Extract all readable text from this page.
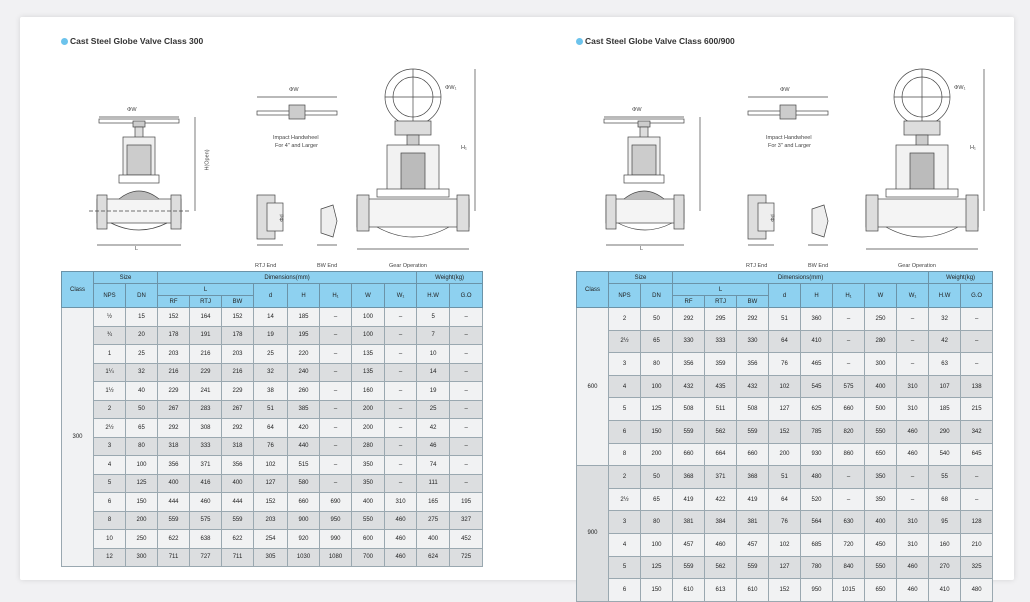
Cast Steel Globe Valve Class 300
ΦW
H(Open)
L
ΦW
Impact Handwheel
For 4" and Larger
Φd
RTJ End	BW End
ΦW₁
H₁
Gear Operation
Class	Size		Dimensions(mm)								Weight(kg)	
	NPS	DN	L			d	H	H₁	W	W₁	H.W	G.O
			RF	RTJ	BW							
300	½	15	152	164	152	14	185	–	100	–	5	–
	¾	20	178	191	178	19	195	–	100	–	7	–
	1	25	203	216	203	25	220	–	135	–	10	–
	1¼	32	216	229	216	32	240	–	135	–	14	–
	1½	40	229	241	229	38	260	–	160	–	19	–
	2	50	267	283	267	51	385	–	200	–	25	–
	2½	65	292	308	292	64	420	–	200	–	42	–
	3	80	318	333	318	76	440	–	280	–	46	–
	4	100	356	371	356	102	515	–	350	–	74	–
	5	125	400	416	400	127	580	–	350	–	111	–
	6	150	444	460	444	152	660	690	400	310	165	195
	8	200	559	575	559	203	900	950	550	460	275	327
	10	250	622	638	622	254	920	990	600	460	400	452
	12	300	711	727	711	305	1030	1080	700	460	624	725
Cast Steel Globe Valve Class 600/900
ΦW
L
ΦW
Impact Handwheel
For 3" and Larger
Φd
RTJ End	BW End
ΦW₁
H₁
Gear Operation
Class	Size		Dimensions(mm)								Weight(kg)	
	NPS	DN	L			d	H	H₁	W	W₁	H.W	G.O
			RF	RTJ	BW							
600	2	50	292	295	292	51	360	–	250	–	32	–
	2½	65	330	333	330	64	410	–	280	–	42	–
	3	80	356	359	356	76	465	–	300	–	63	–
	4	100	432	435	432	102	545	575	400	310	107	138
	5	125	508	511	508	127	625	660	500	310	185	215
	6	150	559	562	559	152	785	820	550	460	290	342
	8	200	660	664	660	200	930	860	650	460	540	645
900	2	50	368	371	368	51	480	–	350	–	55	–
	2½	65	419	422	419	64	520	–	350	–	68	–
	3	80	381	384	381	76	564	630	400	310	95	128
	4	100	457	460	457	102	685	720	450	310	160	210
	5	125	559	562	559	127	780	840	550	460	270	325
	6	150	610	613	610	152	950	1015	650	460	410	480
